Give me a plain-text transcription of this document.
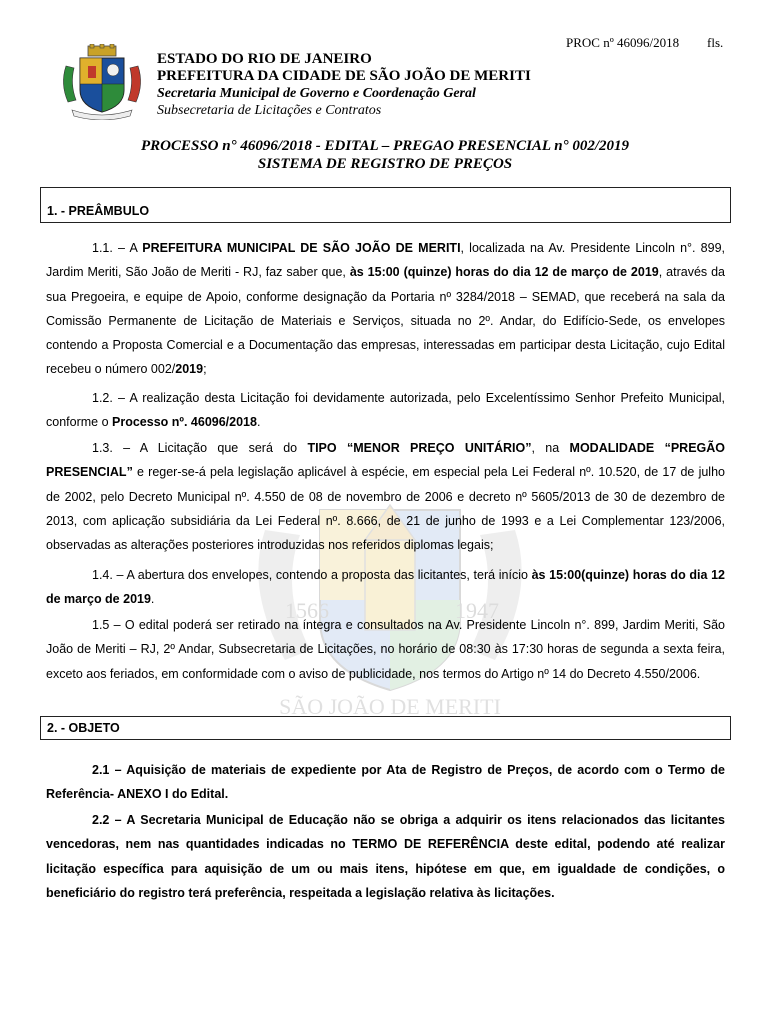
PROC nº 46096/2018 fls.
ESTADO DO RIO DE JANEIRO
PREFEITURA DA CIDADE DE SÃO JOÃO DE MERITI
Secretaria Municipal de Governo e Coordenação Geral
Subsecretaria de Licitações e Contratos
PROCESSO n° 46096/2018 - EDITAL – PREGAO PRESENCIAL n° 002/2019
SISTEMA DE REGISTRO DE PREÇOS
1566	1947
SÃO JOÃO DE MERITI
1. - PREÂMBULO
1.1. – A PREFEITURA MUNICIPAL DE SÃO JOÃO DE MERITI, localizada na Av. Presidente Lincoln n°. 899, Jardim Meriti, São João de Meriti - RJ, faz saber que, às 15:00 (quinze) horas do dia 12 de março de 2019, através da sua Pregoeira, e equipe de Apoio, conforme designação da Portaria nº 3284/2018 – SEMAD, que receberá na sala da Comissão Permanente de Licitação de Materiais e Serviços, situada no 2º. Andar, do Edifício-Sede, os envelopes contendo a Proposta Comercial e a Documentação das empresas, interessadas em participar desta Licitação, cujo Edital recebeu o número 002/2019;
1.2. – A realização desta Licitação foi devidamente autorizada, pelo Excelentíssimo Senhor Prefeito Municipal, conforme o Processo nº. 46096/2018.
1.3. – A Licitação que será do TIPO “MENOR PREÇO UNITÁRIO”, na MODALIDADE “PREGÃO PRESENCIAL” e reger-se-á pela legislação aplicável à espécie, em especial pela Lei Federal nº. 10.520, de 17 de julho de 2002, pelo Decreto Municipal nº. 4.550 de 08 de novembro de 2006 e decreto nº 5605/2013 de 30 de dezembro de 2013, com aplicação subsidiária da Lei Federal nº. 8.666, de 21 de junho de 1993 e a Lei Complementar 123/2006, observadas as alterações posteriores introduzidas nos referidos diplomas legais;
1.4. – A abertura dos envelopes, contendo a proposta das licitantes, terá início às 15:00(quinze) horas do dia 12 de março de 2019.
1.5 – O edital poderá ser retirado na íntegra e consultados na Av. Presidente Lincoln n°. 899, Jardim Meriti, São João de Meriti – RJ, 2º Andar, Subsecretaria de Licitações, no horário de 08:30 às 17:30 horas de segunda a sexta feira, exceto aos feriados, em conformidade com o aviso de publicidade, nos termos do Artigo nº 14 do Decreto 4.550/2006.
2. - OBJETO
2.1 – Aquisição de materiais de expediente por Ata de Registro de Preços, de acordo com o Termo de Referência- ANEXO I do Edital.
2.2 – A Secretaria Municipal de Educação não se obriga a adquirir os itens relacionados das licitantes vencedoras, nem nas quantidades indicadas no TERMO DE REFERÊNCIA deste edital, podendo até realizar licitação específica para aquisição de um ou mais itens, hipótese em que, em igualdade de condições, o beneficiário do registro terá preferência, respeitada a legislação relativa às licitações.
